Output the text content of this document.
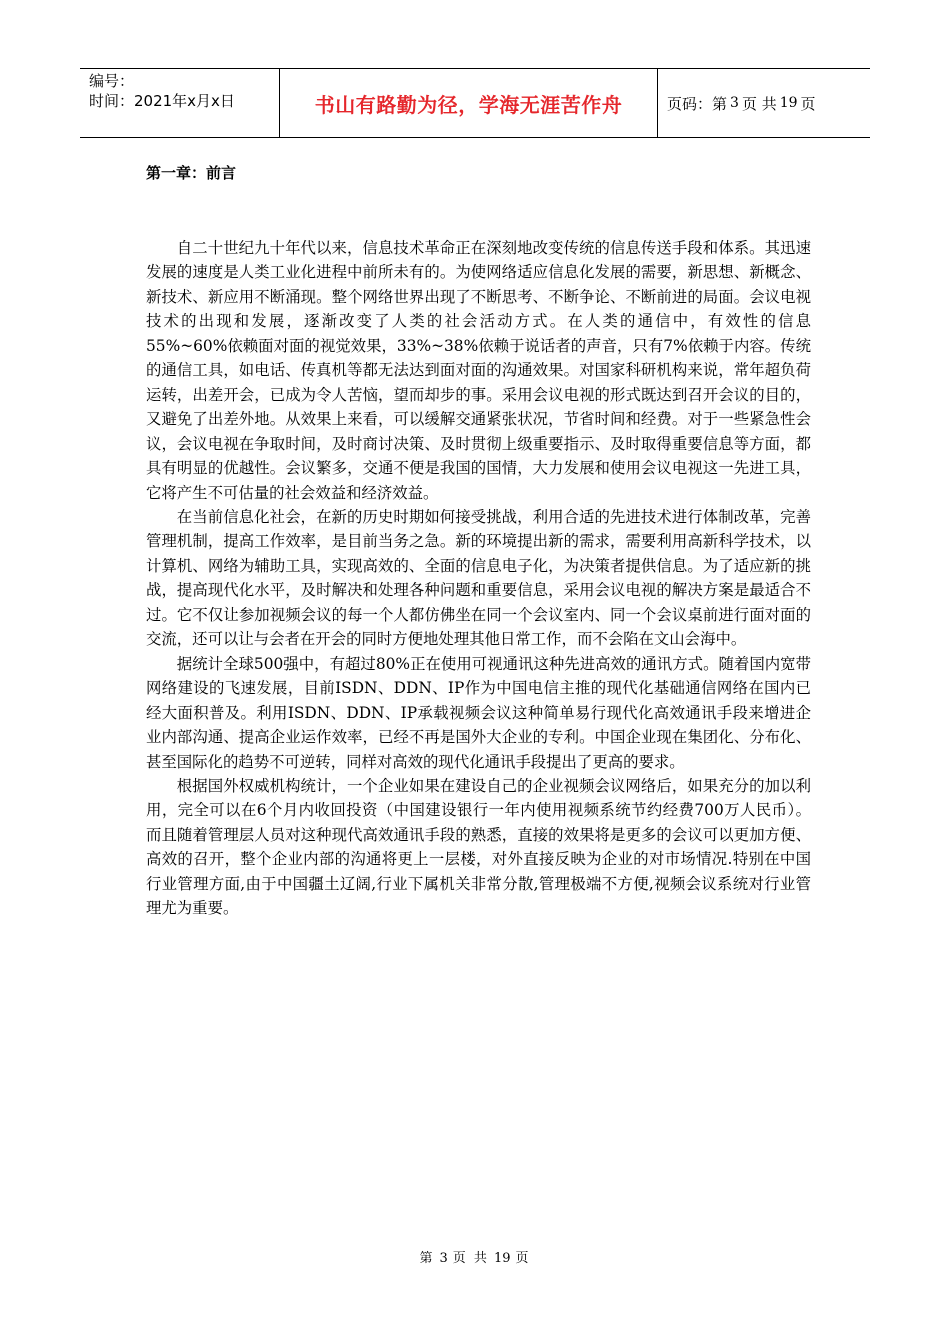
编号：
时间：2021年x月x日	书山有路勤为径，学海无涯苦作舟	页码：第 3 页 共 19 页
第一章：前言

自二十世纪九十年代以来，信息技术革命正在深刻地改变传统的信息传送手段和体系。其迅速发展的速度是人类工业化进程中前所未有的。为使网络适应信息化发展的需要，新思想、新概念、新技术、新应用不断涌现。整个网络世界出现了不断思考、不断争论、不断前进的局面。会议电视技术的出现和发展，逐渐改变了人类的社会活动方式。在人类的通信中，有效性的信息55%~60%依赖面对面的视觉效果，33%~38%依赖于说话者的声音，只有7%依赖于内容。传统的通信工具，如电话、传真机等都无法达到面对面的沟通效果。对国家科研机构来说，常年超负荷运转，出差开会，已成为令人苦恼，望而却步的事。采用会议电视的形式既达到召开会议的目的，又避免了出差外地。从效果上来看，可以缓解交通紧张状况，节省时间和经费。对于一些紧急性会议，会议电视在争取时间，及时商讨决策、及时贯彻上级重要指示、及时取得重要信息等方面，都具有明显的优越性。会议繁多，交通不便是我国的国情，大力发展和使用会议电视这一先进工具，它将产生不可估量的社会效益和经济效益。

在当前信息化社会，在新的历史时期如何接受挑战，利用合适的先进技术进行体制改革，完善管理机制，提高工作效率，是目前当务之急。新的环境提出新的需求，需要利用高新科学技术，以计算机、网络为辅助工具，实现高效的、全面的信息电子化，为决策者提供信息。为了适应新的挑战，提高现代化水平，及时解决和处理各种问题和重要信息，采用会议电视的解决方案是最适合不过。它不仅让参加视频会议的每一个人都仿佛坐在同一个会议室内、同一个会议桌前进行面对面的交流，还可以让与会者在开会的同时方便地处理其他日常工作，而不会陷在文山会海中。

据统计全球500强中，有超过80%正在使用可视通讯这种先进高效的通讯方式。随着国内宽带网络建设的飞速发展，目前ISDN、DDN、IP作为中国电信主推的现代化基础通信网络在国内已经大面积普及。利用ISDN、DDN、IP承载视频会议这种简单易行现代化高效通讯手段来增进企业内部沟通、提高企业运作效率，已经不再是国外大企业的专利。中国企业现在集团化、分布化、甚至国际化的趋势不可逆转，同样对高效的现代化通讯手段提出了更高的要求。

根据国外权威机构统计，一个企业如果在建设自己的企业视频会议网络后，如果充分的加以利用，完全可以在6个月内收回投资（中国建设银行一年内使用视频系统节约经费700万人民币）。 而且随着管理层人员对这种现代高效通讯手段的熟悉，直接的效果将是更多的会议可以更加方便、高效的召开，整个企业内部的沟通将更上一层楼，对外直接反映为企业的对市场情况.特别在中国行业管理方面,由于中国疆土辽阔,行业下属机关非常分散,管理极端不方便,视频会议系统对行业管理尤为重要。

第 3 页 共 19 页
